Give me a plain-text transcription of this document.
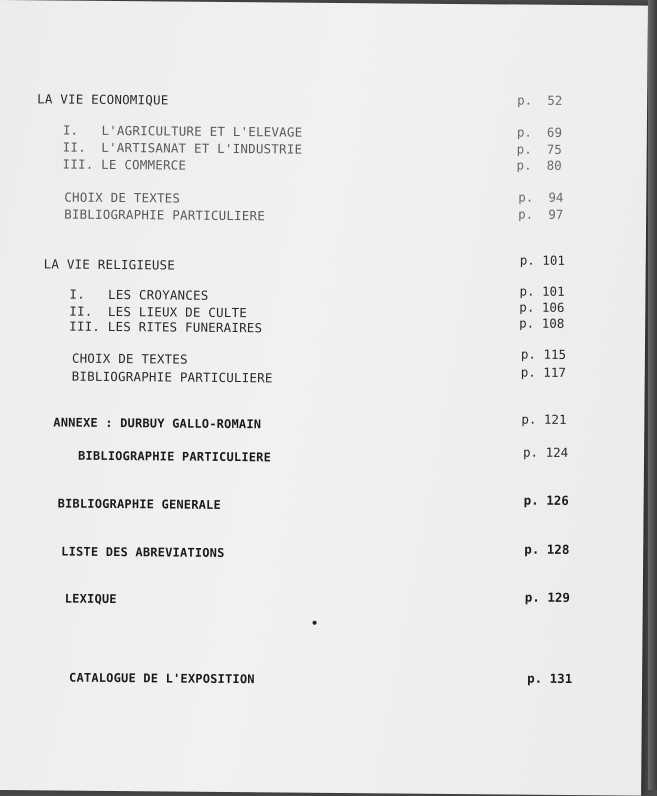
LA VIE ECONOMIQUE	p.  52
I.   L'AGRICULTURE ET L'ELEVAGE	p.  69
II.  L'ARTISANAT ET L'INDUSTRIE	p.  75
III. LE COMMERCE	p.  80
CHOIX DE TEXTES	p.  94
BIBLIOGRAPHIE PARTICULIERE	p.  97
LA VIE RELIGIEUSE	p. 101
I.   LES CROYANCES	p. 101
II.  LES LIEUX DE CULTE	p. 106
III. LES RITES FUNERAIRES	p. 108
CHOIX DE TEXTES	p. 115
BIBLIOGRAPHIE PARTICULIERE	p. 117
ANNEXE : DURBUY GALLO-ROMAIN	p. 121
BIBLIOGRAPHIE PARTICULIERE	p. 124
BIBLIOGRAPHIE GENERALE	p. 126
LISTE DES ABREVIATIONS	p. 128
LEXIQUE	p. 129
CATALOGUE DE L'EXPOSITION	p. 131
